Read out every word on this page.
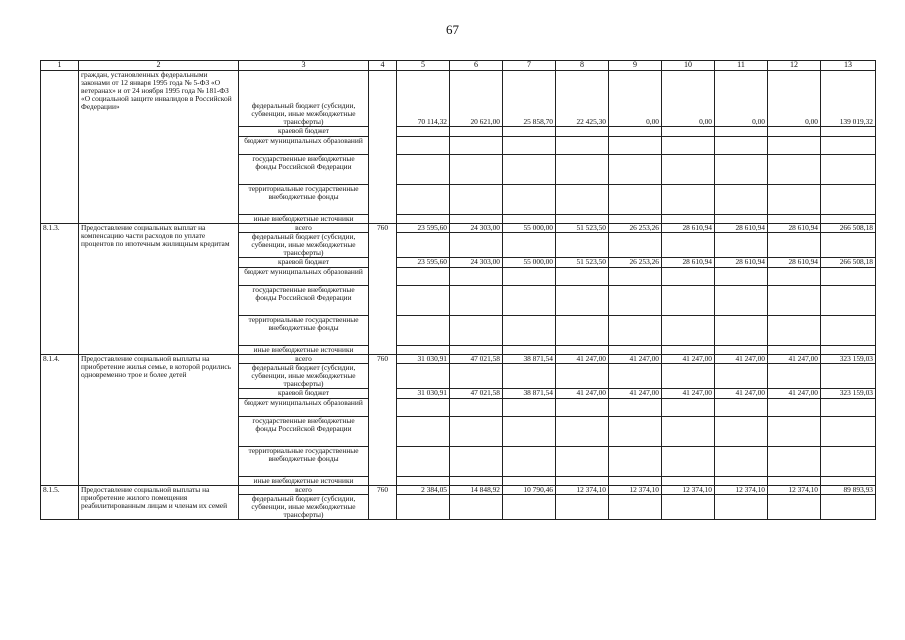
67
1	2	3	4	5	6	7	8	9	10	11	12	13
	граждан, установленных федеральными законами от 12 января 1995 года № 5-ФЗ «О ветеранах» и от 24 ноября 1995 года № 181-ФЗ «О социальной защите инвалидов в Российской Федерации»	федеральный бюджет (субсидии, субвенции, иные межбюджетные трансферты)		70 114,32	20 621,00	25 858,70	22 425,30	0,00	0,00	0,00	0,00	139 019,32
		краевой бюджет										
		бюджет муниципальных образований										
		государственные внебюджетные фонды Российской Федерации										
		территориальные государственные внебюджетные фонды										
		иные внебюджетные источники										
8.1.3.	Предоставление социальных выплат на компенсацию части расходов по уплате процентов по ипотечным жилищным кредитам	всего	760	23 595,60	24 303,00	55 000,00	51 523,50	26 253,26	28 610,94	28 610,94	28 610,94	266 508,18
		федеральный бюджет (субсидии, субвенции, иные межбюджетные трансферты)										
		краевой бюджет		23 595,60	24 303,00	55 000,00	51 523,50	26 253,26	28 610,94	28 610,94	28 610,94	266 508,18
		бюджет муниципальных образований										
		государственные внебюджетные фонды Российской Федерации										
		территориальные государственные внебюджетные фонды										
		иные внебюджетные источники										
8.1.4.	Предоставление социальной выплаты на приобретение жилья семье, в которой родились одновременно трое и более детей	всего	760	31 030,91	47 021,58	38 871,54	41 247,00	41 247,00	41 247,00	41 247,00	41 247,00	323 159,03
		федеральный бюджет (субсидии, субвенции, иные межбюджетные трансферты)										
		краевой бюджет		31 030,91	47 021,58	38 871,54	41 247,00	41 247,00	41 247,00	41 247,00	41 247,00	323 159,03
		бюджет муниципальных образований										
		государственные внебюджетные фонды Российской Федерации										
		территориальные государственные внебюджетные фонды										
		иные внебюджетные источники										
8.1.5.	Предоставление социальной выплаты на приобретение жилого помещения реабилитированным лицам и членам их семей	всего	760	2 384,05	14 848,92	10 790,46	12 374,10	12 374,10	12 374,10	12 374,10	12 374,10	89 893,93
		федеральный бюджет (субсидии, субвенции, иные межбюджетные трансферты)										
